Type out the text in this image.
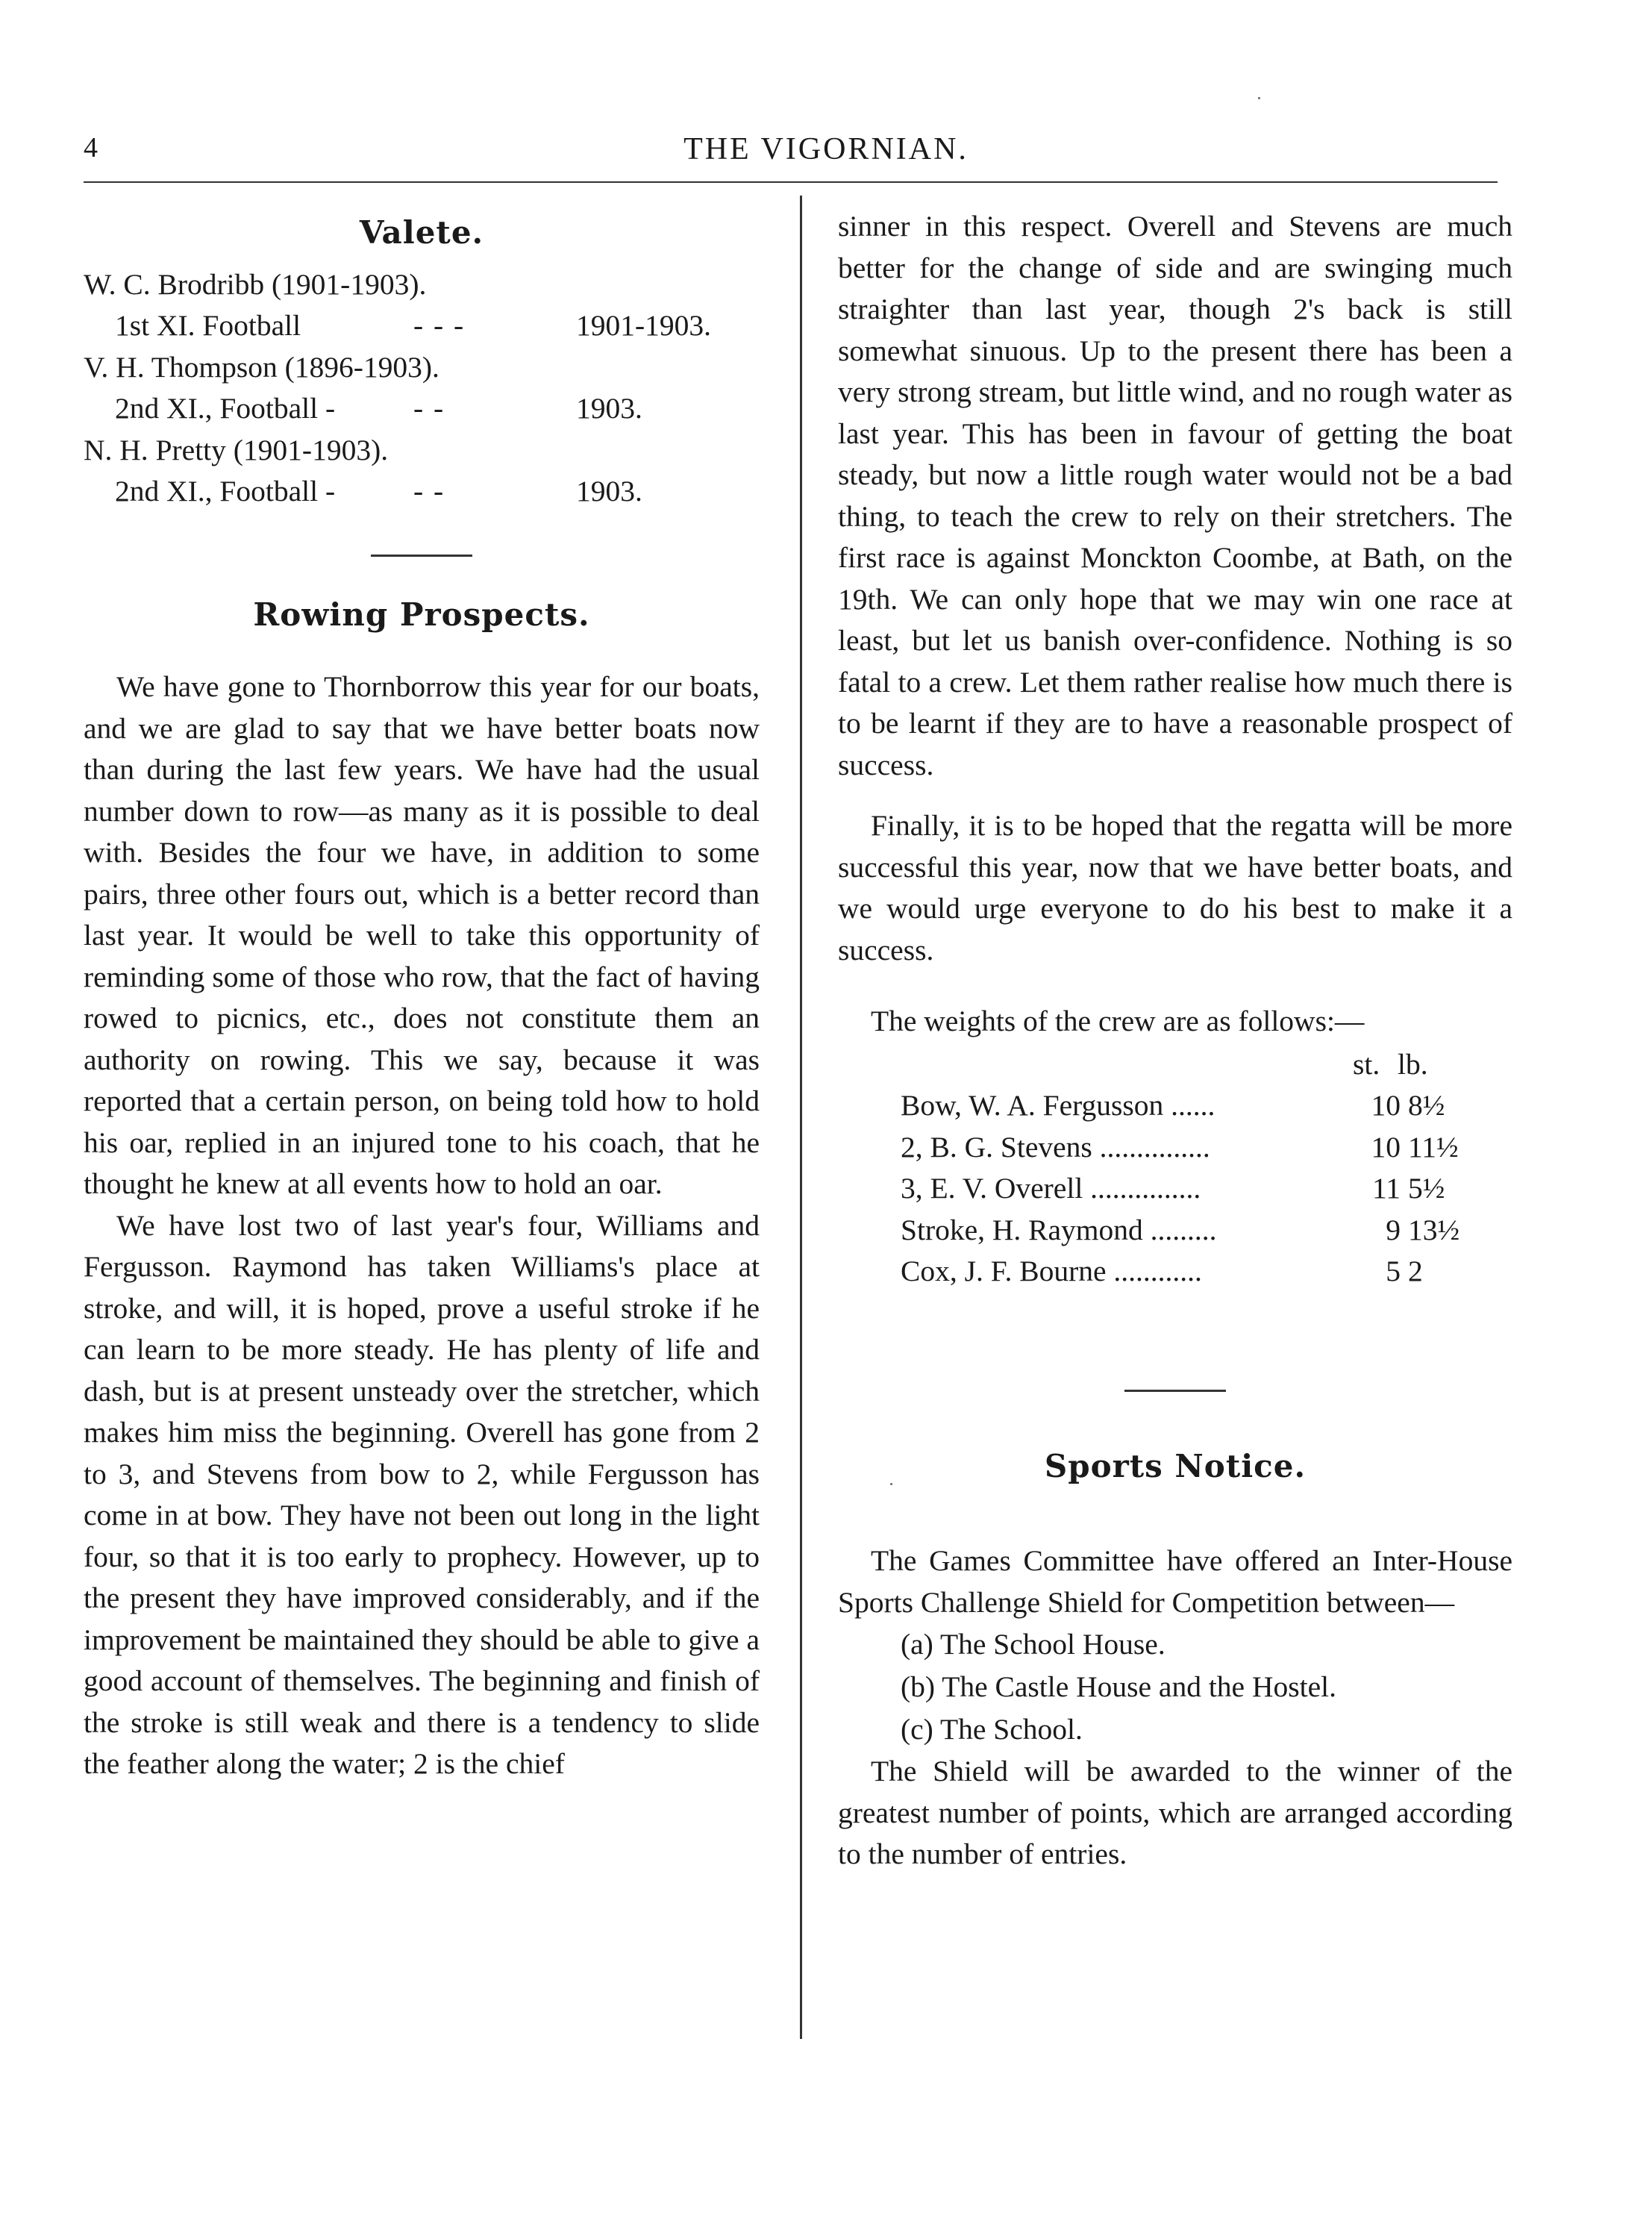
4	THE VIGORNIAN.
Valete.
W. C. Brodribb (1901-1903).
1st XI. Football	- - -	1901-1903.
V. H. Thompson (1896-1903).
2nd XI., Football -	- -	1903.
N. H. Pretty (1901-1903).
2nd XI., Football -	- -	1903.
Rowing Prospects.

We have gone to Thornborrow this year for our boats, and we are glad to say that we have better boats now than during the last few years. We have had the usual number down to row—as many as it is possible to deal with. Besides the four we have, in addition to some pairs, three other fours out, which is a better record than last year. It would be well to take this opportunity of reminding some of those who row, that the fact of having rowed to picnics, etc., does not constitute them an authority on rowing. This we say, because it was reported that a certain person, on being told how to hold his oar, replied in an injured tone to his coach, that he thought he knew at all events how to hold an oar.

We have lost two of last year's four, Williams and Fergusson. Raymond has taken Williams's place at stroke, and will, it is hoped, prove a useful stroke if he can learn to be more steady. He has plenty of life and dash, but is at present unsteady over the stretcher, which makes him miss the beginning. Overell has gone from 2 to 3, and Stevens from bow to 2, while Fergusson has come in at bow. They have not been out long in the light four, so that it is too early to prophecy. However, up to the present they have improved considerably, and if the improvement be maintained they should be able to give a good account of themselves. The beginning and finish of the stroke is still weak and there is a tendency to slide the feather along the water; 2 is the chief

sinner in this respect. Overell and Stevens are much better for the change of side and are swinging much straighter than last year, though 2's back is still somewhat sinuous. Up to the present there has been a very strong stream, but little wind, and no rough water as last year. This has been in favour of getting the boat steady, but now a little rough water would not be a bad thing, to teach the crew to rely on their stretchers. The first race is against Monckton Coombe, at Bath, on the 19th. We can only hope that we may win one race at least, but let us banish over-confidence. Nothing is so fatal to a crew. Let them rather realise how much there is to be learnt if they are to have a reasonable prospect of success.

Finally, it is to be hoped that the regatta will be more successful this year, now that we have better boats, and we would urge everyone to do his best to make it a success.

The weights of the crew are as follows:—

st. lb.
Bow, W. A. Fergusson ......	10 8½
2, B. G. Stevens ...............	10 11½
3, E. V. Overell ...............	11 5½
Stroke, H. Raymond .........	9 13½
Cox, J. F. Bourne ............	5 2
Sports Notice.

The Games Committee have offered an Inter-House Sports Challenge Shield for Competition between—

(a) The School House.
(b) The Castle House and the Hostel.
(c) The School.

The Shield will be awarded to the winner of the greatest number of points, which are arranged according to the number of entries.
